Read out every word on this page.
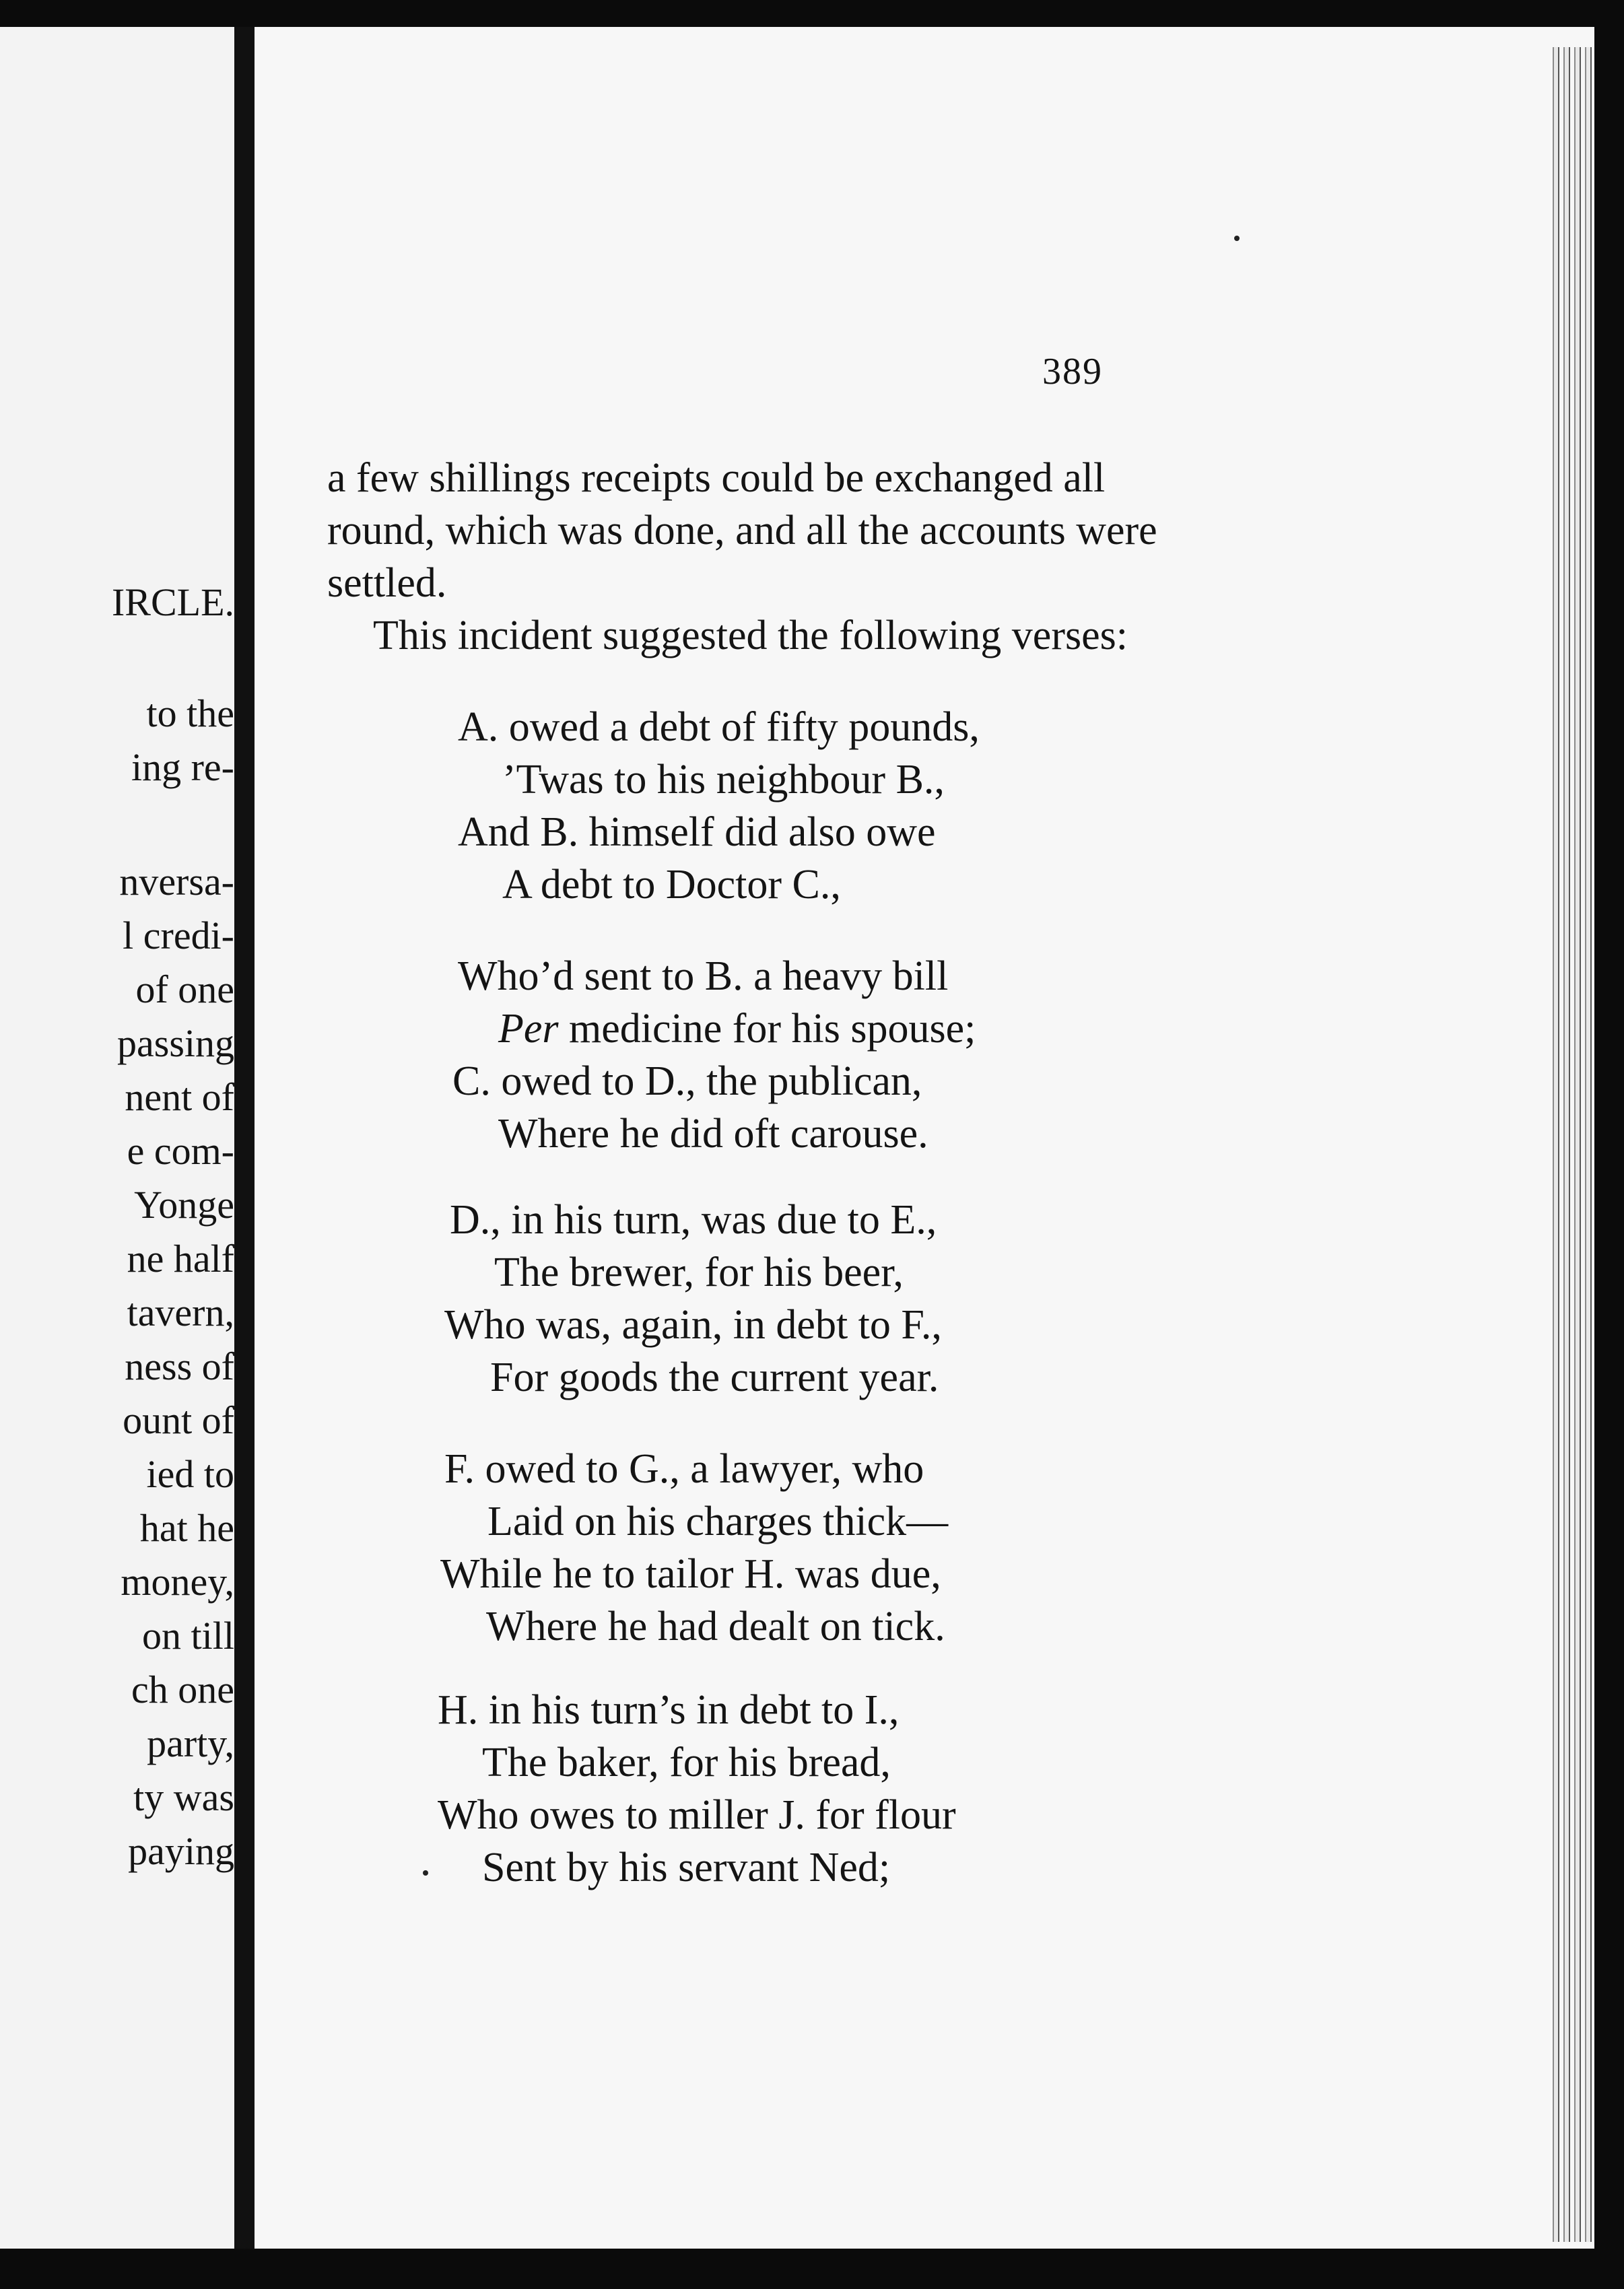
IRCLE.
to the
ing re-
nversa-
l credi-
of one
passing
nent of
e com-
Yonge
ne half
tavern,
ness of
ount of
ied to
hat he
money,
on till
ch one
party,
ty was
paying
389
a few shillings receipts could be exchanged all
round, which was done, and all the accounts were
settled.
This incident suggested the following verses:
A. owed a debt of fifty pounds,
’Twas to his neighbour B.,
And B. himself did also owe
A debt to Doctor C.,
Who’d sent to B. a heavy bill
Per medicine for his spouse;
C. owed to D., the publican,
Where he did oft carouse.
D., in his turn, was due to E.,
The brewer, for his beer,
Who was, again, in debt to F.,
For goods the current year.
F. owed to G., a lawyer, who
Laid on his charges thick—
While he to tailor H. was due,
Where he had dealt on tick.
H. in his turn’s in debt to I.,
The baker, for his bread,
Who owes to miller J. for flour
Sent by his servant Ned;
